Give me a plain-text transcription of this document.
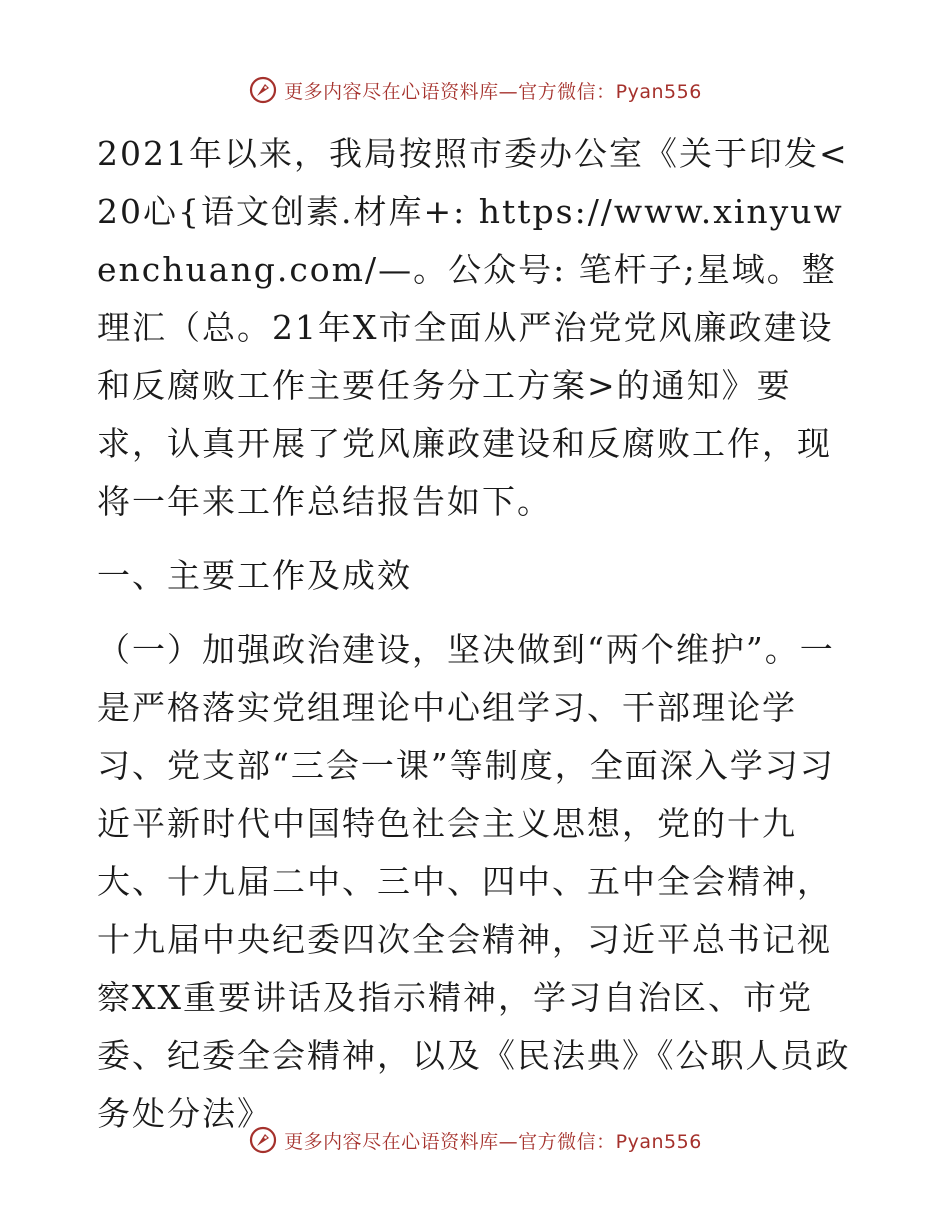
更多内容尽在心语资料库—官方微信：Pyan556

2021年以来，我局按照市委办公室《关于印发<20心{语文创素.材库+: https://www.xinyuwenchuang.com/—。公众号: 笔杆子;星域。整理汇（总。21年X市全面从严治党党风廉政建设和反腐败工作主要任务分工方案>的通知》要求，认真开展了党风廉政建设和反腐败工作，现将一年来工作总结报告如下。

一、主要工作及成效

（一）加强政治建设，坚决做到“两个维护”。一是严格落实党组理论中心组学习、干部理论学习、党支部“三会一课”等制度，全面深入学习习近平新时代中国特色社会主义思想，党的十九大、十九届二中、三中、四中、五中全会精神，十九届中央纪委四次全会精神，习近平总书记视察XX重要讲话及指示精神，学习自治区、市党委、纪委全会精神，以及《民法典》《公职人员政务处分法》

更多内容尽在心语资料库—官方微信：Pyan556
